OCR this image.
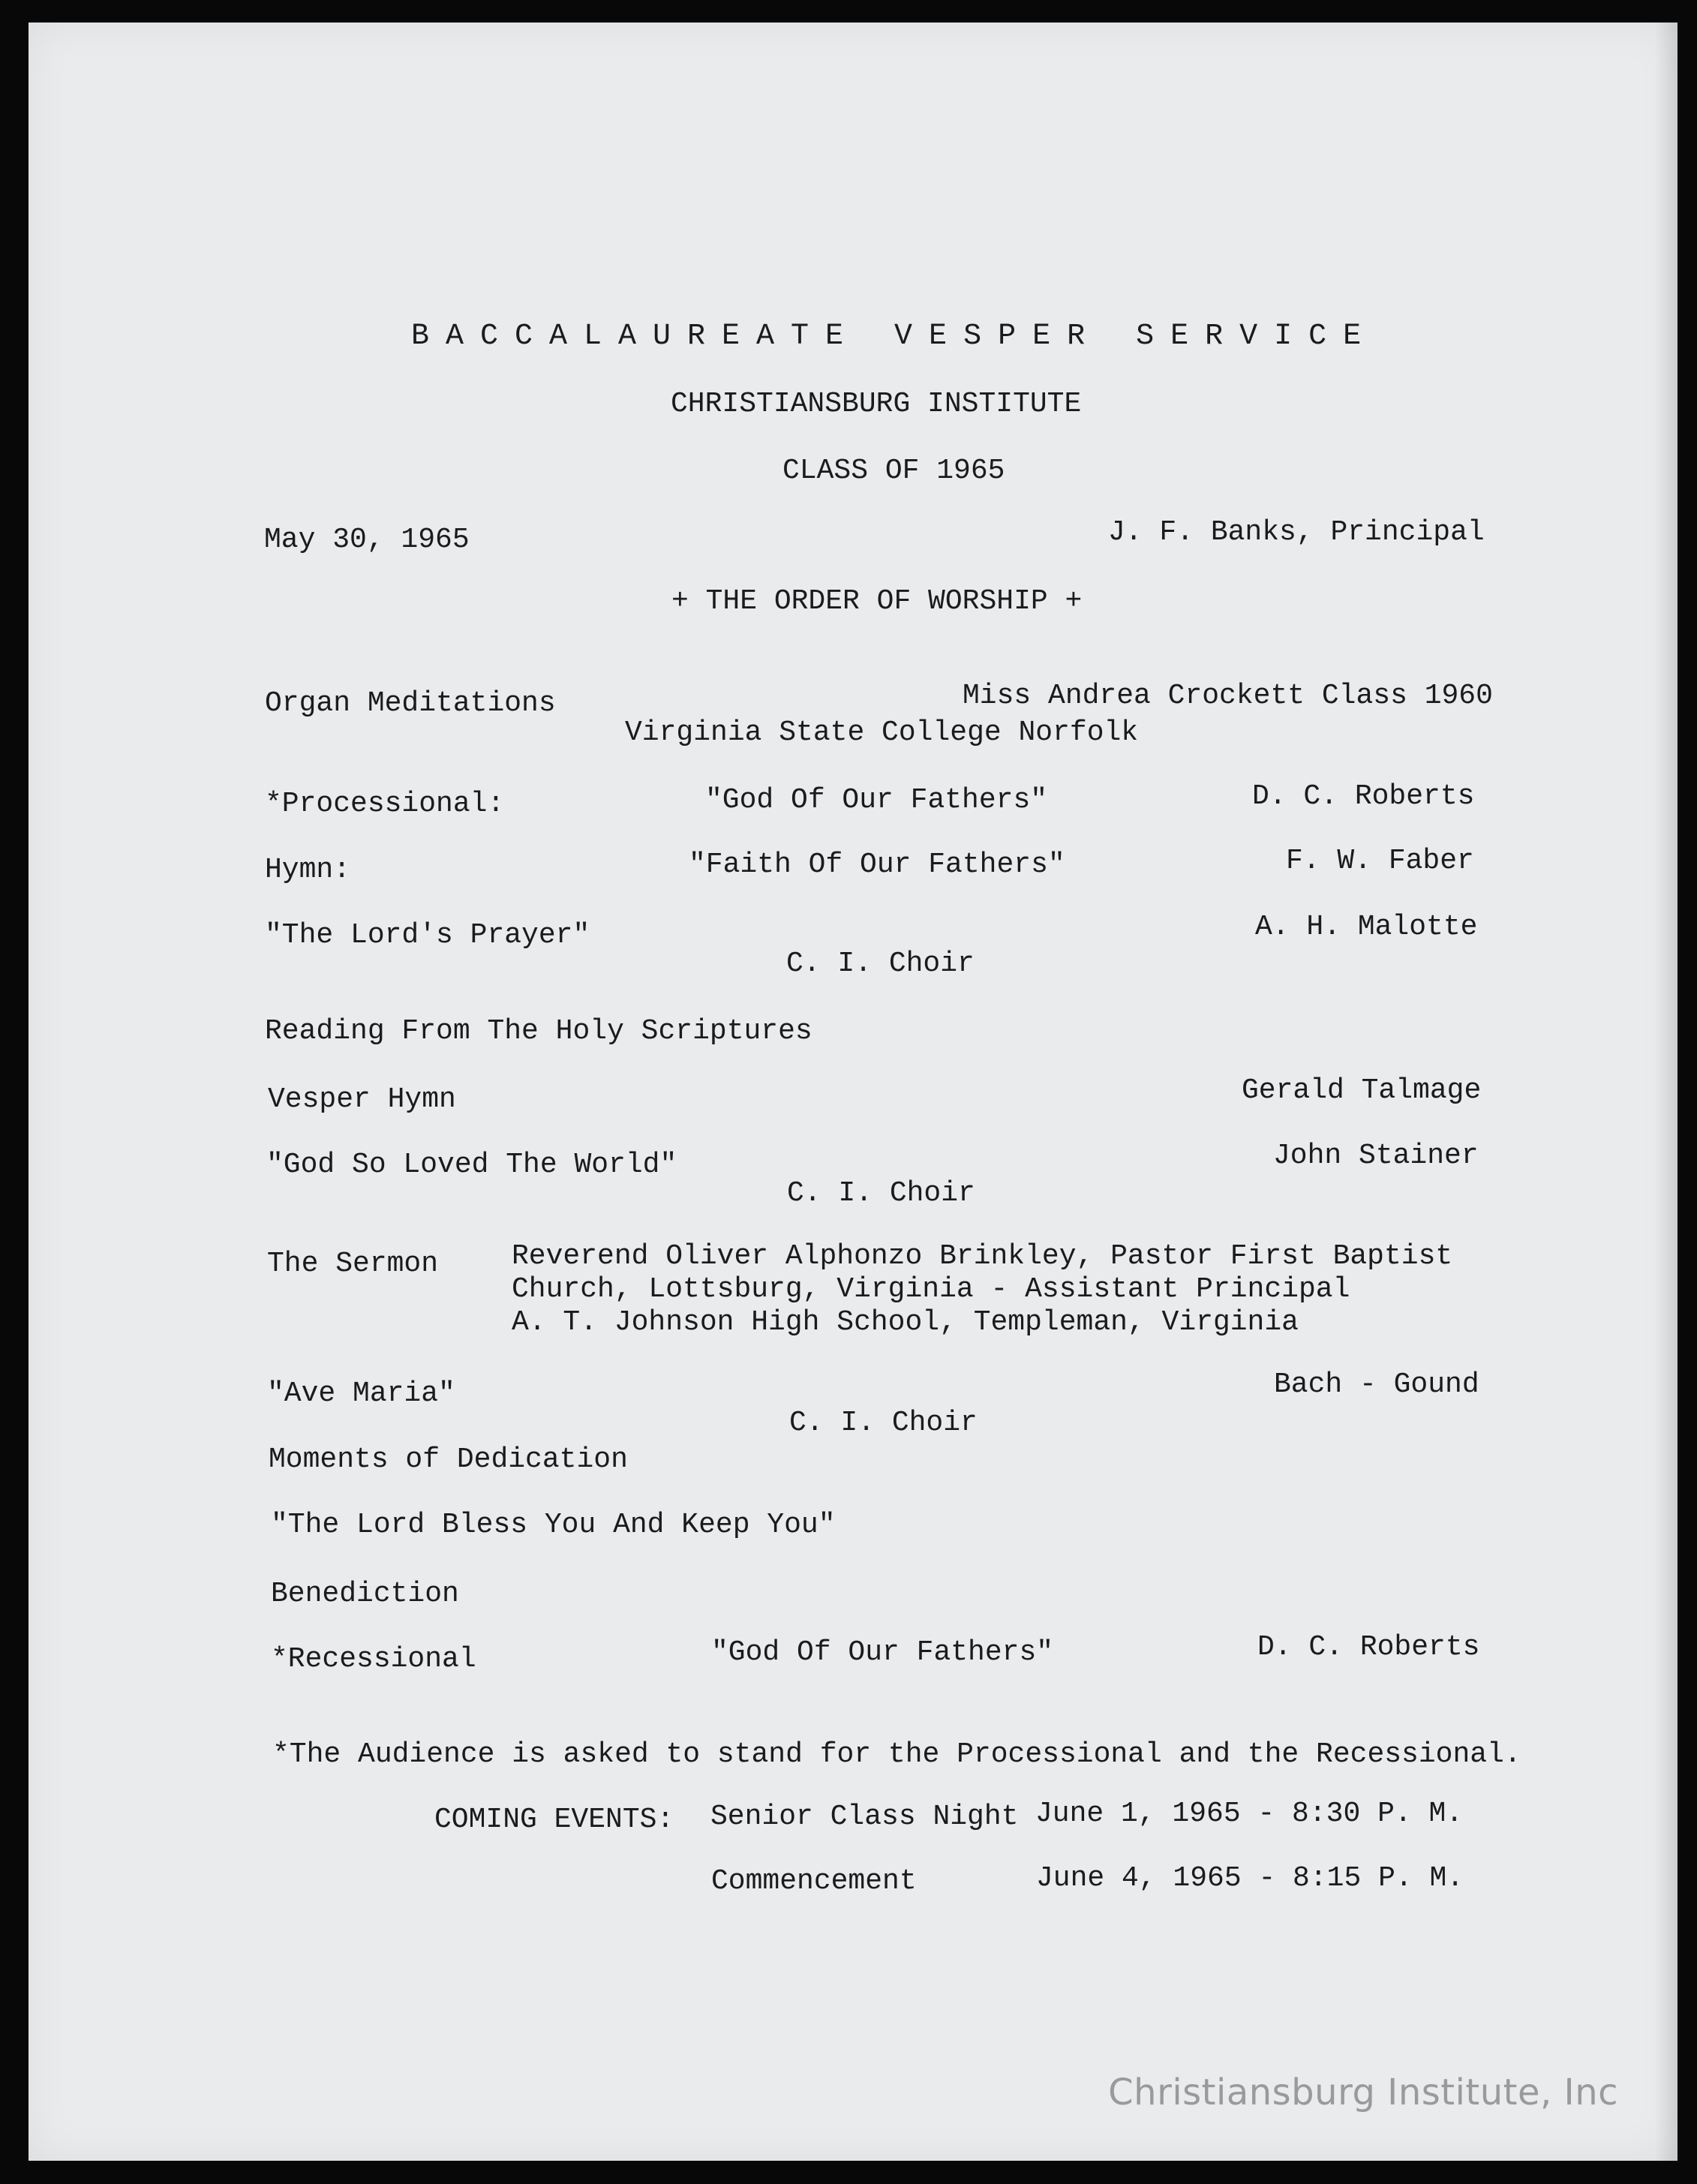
BACCALAUREATE VESPER SERVICE
CHRISTIANSBURG INSTITUTE
CLASS OF 1965
May 30, 1965	J. F. Banks, Principal
+ THE ORDER OF WORSHIP +
Organ Meditations	Miss Andrea Crockett Class 1960
Virginia State College Norfolk
*Processional:	"God Of Our Fathers"	D. C. Roberts
Hymn:	"Faith Of Our Fathers"	F. W. Faber
"The Lord's Prayer"	A. H. Malotte
C. I. Choir
Reading From The Holy Scriptures
Vesper Hymn	Gerald Talmage
"God So Loved The World"	John Stainer
C. I. Choir
The Sermon	Reverend Oliver Alphonzo Brinkley, Pastor First Baptist
Church, Lottsburg, Virginia - Assistant Principal
A. T. Johnson High School, Templeman, Virginia
"Ave Maria"	Bach - Gound
C. I. Choir
Moments of Dedication
"The Lord Bless You And Keep You"
Benediction
*Recessional	"God Of Our Fathers"	D. C. Roberts
*The Audience is asked to stand for the Processional and the Recessional.
COMING EVENTS: Senior Class Night June 1, 1965 - 8:30 P. M.
Commencement	June 4, 1965 - 8:15 P. M.
Christiansburg Institute, Inc
